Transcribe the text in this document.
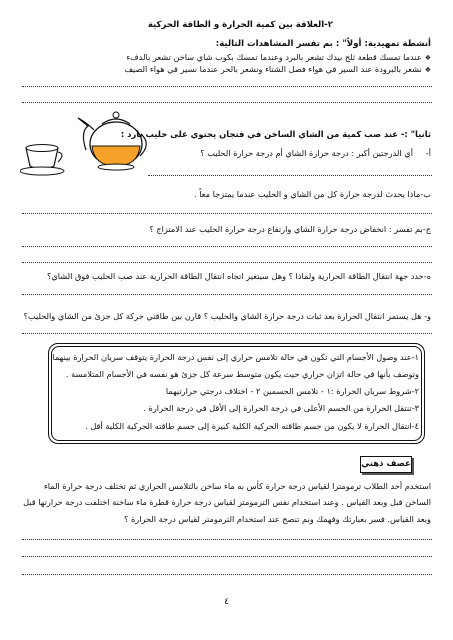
٢-العلاقة بين كمية الحرارة و الطاقة الحركية
أنشطة تمهيدية: أولاً" : بم تفسر المشاهدات التالية:
❖عندما تمسك قطعة ثلج بيدك تشعر بالبرد وعندما تمسك بكوب شاي ساخن تشعر بالدفء
❖نشعر بالبرودة عند السير في هواء فصل الشتاء ونشعر بالحر عندما نسير في هواء الصيف
ثانيا" :- عند صب كمية من الشاي الساخن في فنجان يحتوي على حليب بارد :
أ-
أي الدرجتين أكبر : درجة حرارة الشاي أم درجة حرارة الحليب ؟
ب-ماذا يحدث لدرجة حرارة كل من الشاي و الحليب عندما يمتزجا معاً .
ج-بم تفسر : انخفاض درجة حرارة الشاي وارتفاع درجة حرارة الحليب عند الامتزاج ؟
ه-حدد جهة انتقال الطاقة الحرارية ولماذا ؟ وهل سيتغير اتجاه انتقال الطاقة الحرارية عند صب الحليب فوق الشاي؟
و- هل يستمر انتقال الحرارة بعد ثبات درجة حرارة الشاي والحليب ؟ قارن بين طاقتي حركة كل جزئ من الشاي والحليب؟
١-عند وصول الأجسام التي تكون في حالة تلامس حراري إلى نفس درجة الحرارة يتوقف سريان الحرارة بينهما
وتوصف بأنها في حالة اتزان حراري حيث يكون متوسط سرعة كل جزئ هو نفسه في الأجسام المتلامسة .
٢-شروط سريان الحرارة :١ - تلامس الجسمين ٢ - اختلاف درجتي حرارتيهما
٣-تنتقل الحرارة من الجسم الأعلى في درجة الحرارة إلى الأقل في درجة الحرارة .
٤-انتقال الحرارة لا يكون من جسم طاقته الحركية الكلية كبيرة إلى جسم طاقته الحركية الكلية أقل .
عصف ذهني
استخدم أحد الطلاب ترمومترا لقياس درجة حرارة كأس به ماء ساخن بالتلامس الحراري ثم تختلف درجة حرارة الماء
الساخن قبل وبعد القياس . وعند استخدام نفس الترمومتر لقياس درجة حرارة قطرة ماء ساخنة اختلفت درجة حرارتها قبل
وبعد القياس. فسر بعبارتك وفهمك وبم تنصح عند استخدام الترمومتر لقياس درجة الحرارة ؟
٤
